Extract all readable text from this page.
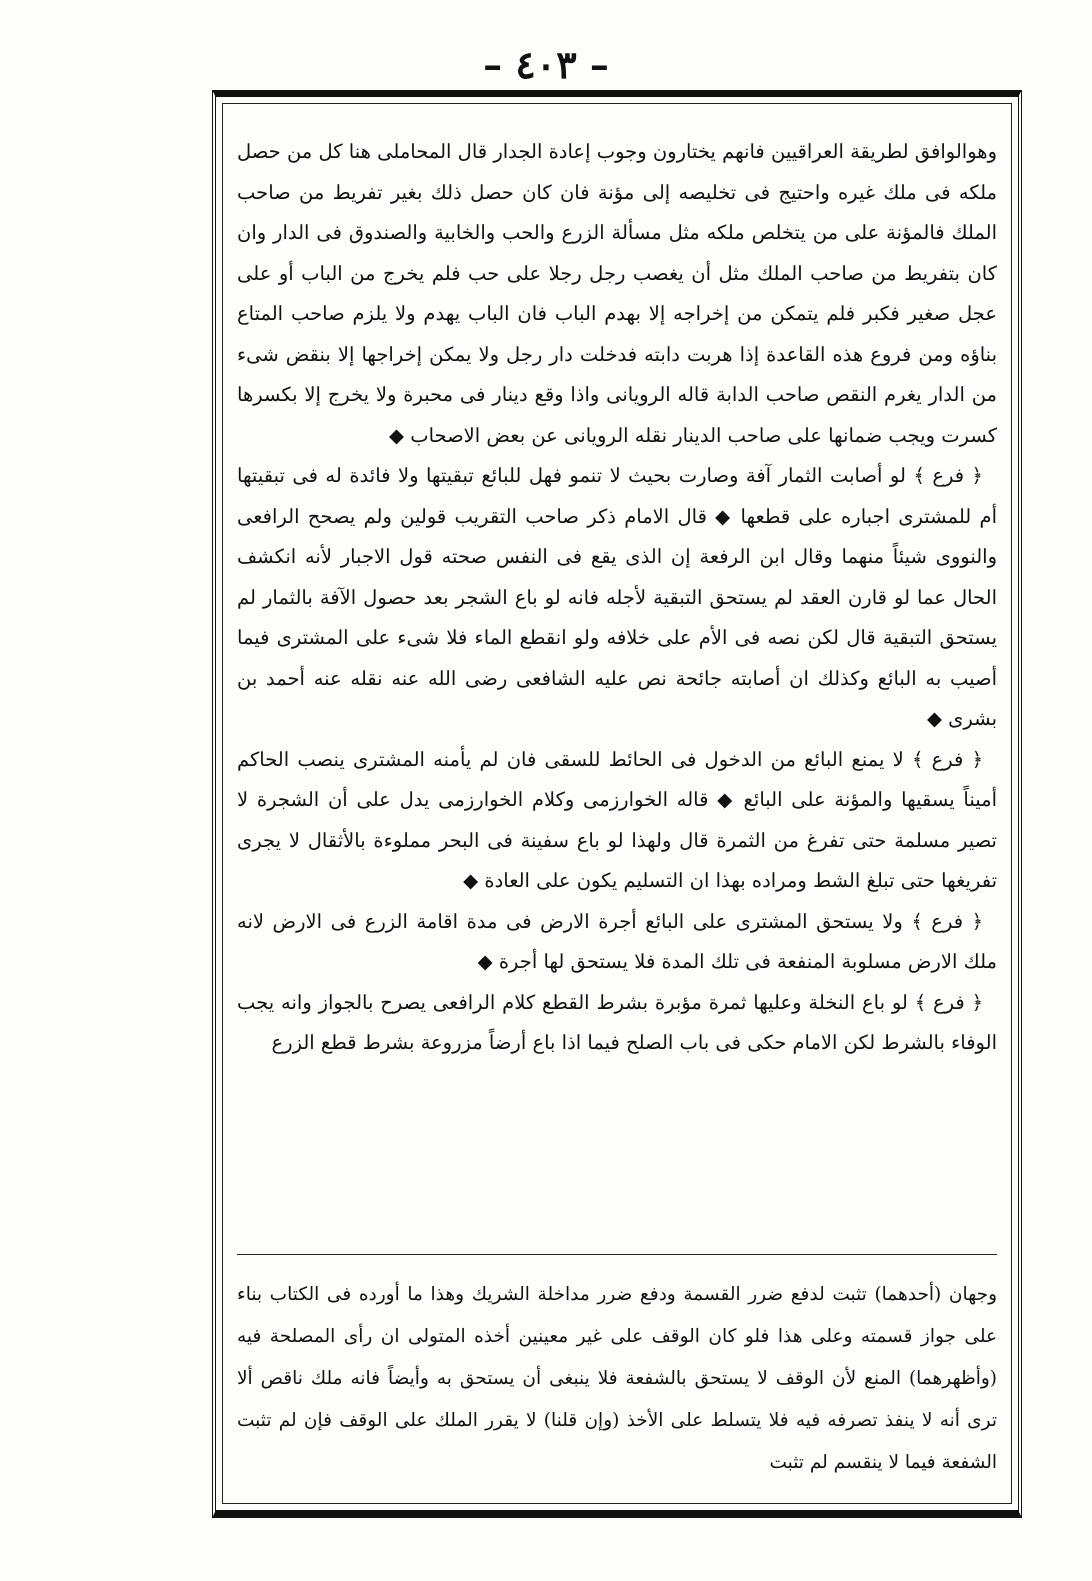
– ٤٠٣ –

وهوالوافق لطريقة العراقيين فانهم يختارون وجوب إعادة الجدار قال المحاملى هنا كل من حصل ملكه فى ملك غيره واحتيج فى تخليصه إلى مؤنة فان كان حصل ذلك بغير تفريط من صاحب الملك فالمؤنة على من يتخلص ملكه مثل مسألة الزرع والحب والخابية والصندوق فى الدار وان كان بتفريط من صاحب الملك مثل أن يغصب رجل رجلا على حب فلم يخرج من الباب أو على عجل صغير فكبر فلم يتمكن من إخراجه إلا بهدم الباب فان الباب يهدم ولا يلزم صاحب المتاع بناؤه ومن فروع هذه القاعدة إذا هربت دابته فدخلت دار رجل ولا يمكن إخراجها إلا بنقض شىء من الدار يغرم النقص صاحب الدابة قاله الرويانى واذا وقع دينار فى محبرة ولا يخرج إلا بكسرها كسرت ويجب ضمانها على صاحب الدينار نقله الرويانى عن بعض الاصحاب ◆

﴿ فرع ﴾ لو أصابت الثمار آفة وصارت بحيث لا تنمو فهل للبائع تبقيتها ولا فائدة له فى تبقيتها أم للمشترى اجباره على قطعها ◆ قال الامام ذكر صاحب التقريب قولين ولم يصحح الرافعى والنووى شيئاً منهما وقال ابن الرفعة إن الذى يقع فى النفس صحته قول الاجبار لأنه انكشف الحال عما لو قارن العقد لم يستحق التبقية لأجله فانه لو باع الشجر بعد حصول الآفة بالثمار لم يستحق التبقية قال لكن نصه فى الأم على خلافه ولو انقطع الماء فلا شىء على المشترى فيما أصيب به البائع وكذلك ان أصابته جائحة نص عليه الشافعى رضى الله عنه نقله عنه أحمد بن بشرى ◆

﴿ فرع ﴾ لا يمنع البائع من الدخول فى الحائط للسقى فان لم يأمنه المشترى ينصب الحاكم أميناً يسقيها والمؤنة على البائع ◆ قاله الخوارزمى وكلام الخوارزمى يدل على أن الشجرة لا تصير مسلمة حتى تفرغ من الثمرة قال ولهذا لو باع سفينة فى البحر مملوءة بالأثقال لا يجرى تفريغها حتى تبلغ الشط ومراده بهذا ان التسليم يكون على العادة ◆

﴿ فرع ﴾ ولا يستحق المشترى على البائع أجرة الارض فى مدة اقامة الزرع فى الارض لانه ملك الارض مسلوبة المنفعة فى تلك المدة فلا يستحق لها أجرة ◆

﴿ فرع ﴾ لو باع النخلة وعليها ثمرة مؤبرة بشرط القطع كلام الرافعى يصرح بالجواز وانه يجب الوفاء بالشرط لكن الامام حكى فى باب الصلح فيما اذا باع أرضاً مزروعة بشرط قطع الزرع

وجهان (أحدهما) تثبت لدفع ضرر القسمة ودفع ضرر مداخلة الشريك وهذا ما أورده فى الكتاب بناء على جواز قسمته وعلى هذا فلو كان الوقف على غير معينين أخذه المتولى ان رأى المصلحة فيه (وأظهرهما) المنع لأن الوقف لا يستحق بالشفعة فلا ينبغى أن يستحق به وأيضاً فانه ملك ناقص ألا ترى أنه لا ينفذ تصرفه فيه فلا يتسلط على الأخذ (وإن قلنا) لا يقرر الملك على الوقف فإن لم تثبت الشفعة فيما لا ينقسم لم تثبت
